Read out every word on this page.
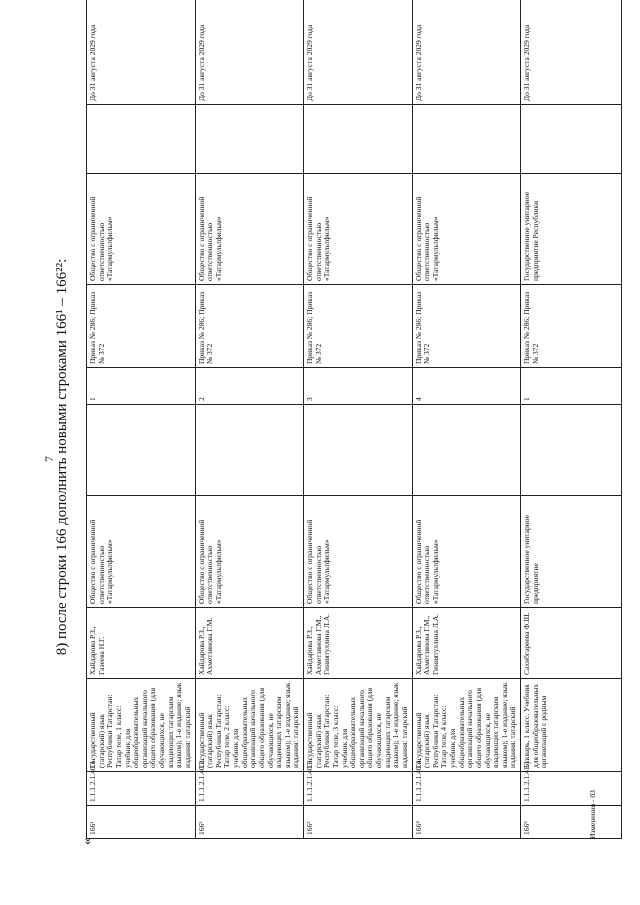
7
8) после строки 166 дополнить новыми строками 166¹ – 166²²:
«
166¹	1.1.1.2.1.40.1.	Государственный (татарский) язык Республики Татарстан: Татар теле, 1 класс: учебник для общеобразовательных организаций начального общего образования (для обучающихся, не владеющих татарским языком); 1-е издание; язык издания: татарский	Хайдарова Р.З., Газеева Н.Г.	Общество с ограниченной ответственностью «Татармультфильм»		1	Приказ № 286; Приказ № 372	Общество с ограниченной ответственностью «Татармультфильм»		До 31 августа 2029 года
166²	1.1.1.2.1.40.2.	Государственный (татарский) язык Республики Татарстан: Татар теле, 2 класс: учебник для общеобразовательных организаций начального общего образования (для обучающихся, не владеющих татарским языком); 1-е издание; язык издания: татарский	Хайдарова Р.З., Ахметзянова Г.М.	Общество с ограниченной ответственностью «Татармультфильм»		2	Приказ № 286; Приказ № 372	Общество с ограниченной ответственностью «Татармультфильм»		До 31 августа 2029 года
166³	1.1.1.2.1.40.3.	Государственный (татарский) язык Республики Татарстан: Татар теле, 3 класс: учебник для общеобразовательных организаций начального общего образования (для обучающихся, не владеющих татарским языком); 1-е издание; язык издания: татарский	Хайдарова Р.З., Ахметзянова Г.М., Гиниятуллина Л.А.	Общество с ограниченной ответственностью «Татармультфильм»		3	Приказ № 286; Приказ № 372	Общество с ограниченной ответственностью «Татармультфильм»		До 31 августа 2029 года
166⁴	1.1.1.2.1.40.4.	Государственный (татарский) язык Республики Татарстан: Татар теле, 4 класс: учебник для общеобразовательных организаций начального общего образования (для обучающихся, не владеющих татарским языком); 1-е издание; язык издания: татарский	Хайдарова Р.З., Ахметзянова Г.М., Гиниятуллина Л.А.	Общество с ограниченной ответственностью «Татармультфильм»		4	Приказ № 286; Приказ № 372	Общество с ограниченной ответственностью «Татармультфильм»		До 31 августа 2029 года
166⁵	1.1.1.2.1.41.1.	Букварь, 1 класс. Учебник для общеобразовательных организаций с родным	Сахибгареева Ф.Ш.	Государственное унитарное предприятие		1	Приказ № 286; Приказ № 372	Государственное унитарное предприятие Республики		До 31 августа 2029 года
Изменения - 03
